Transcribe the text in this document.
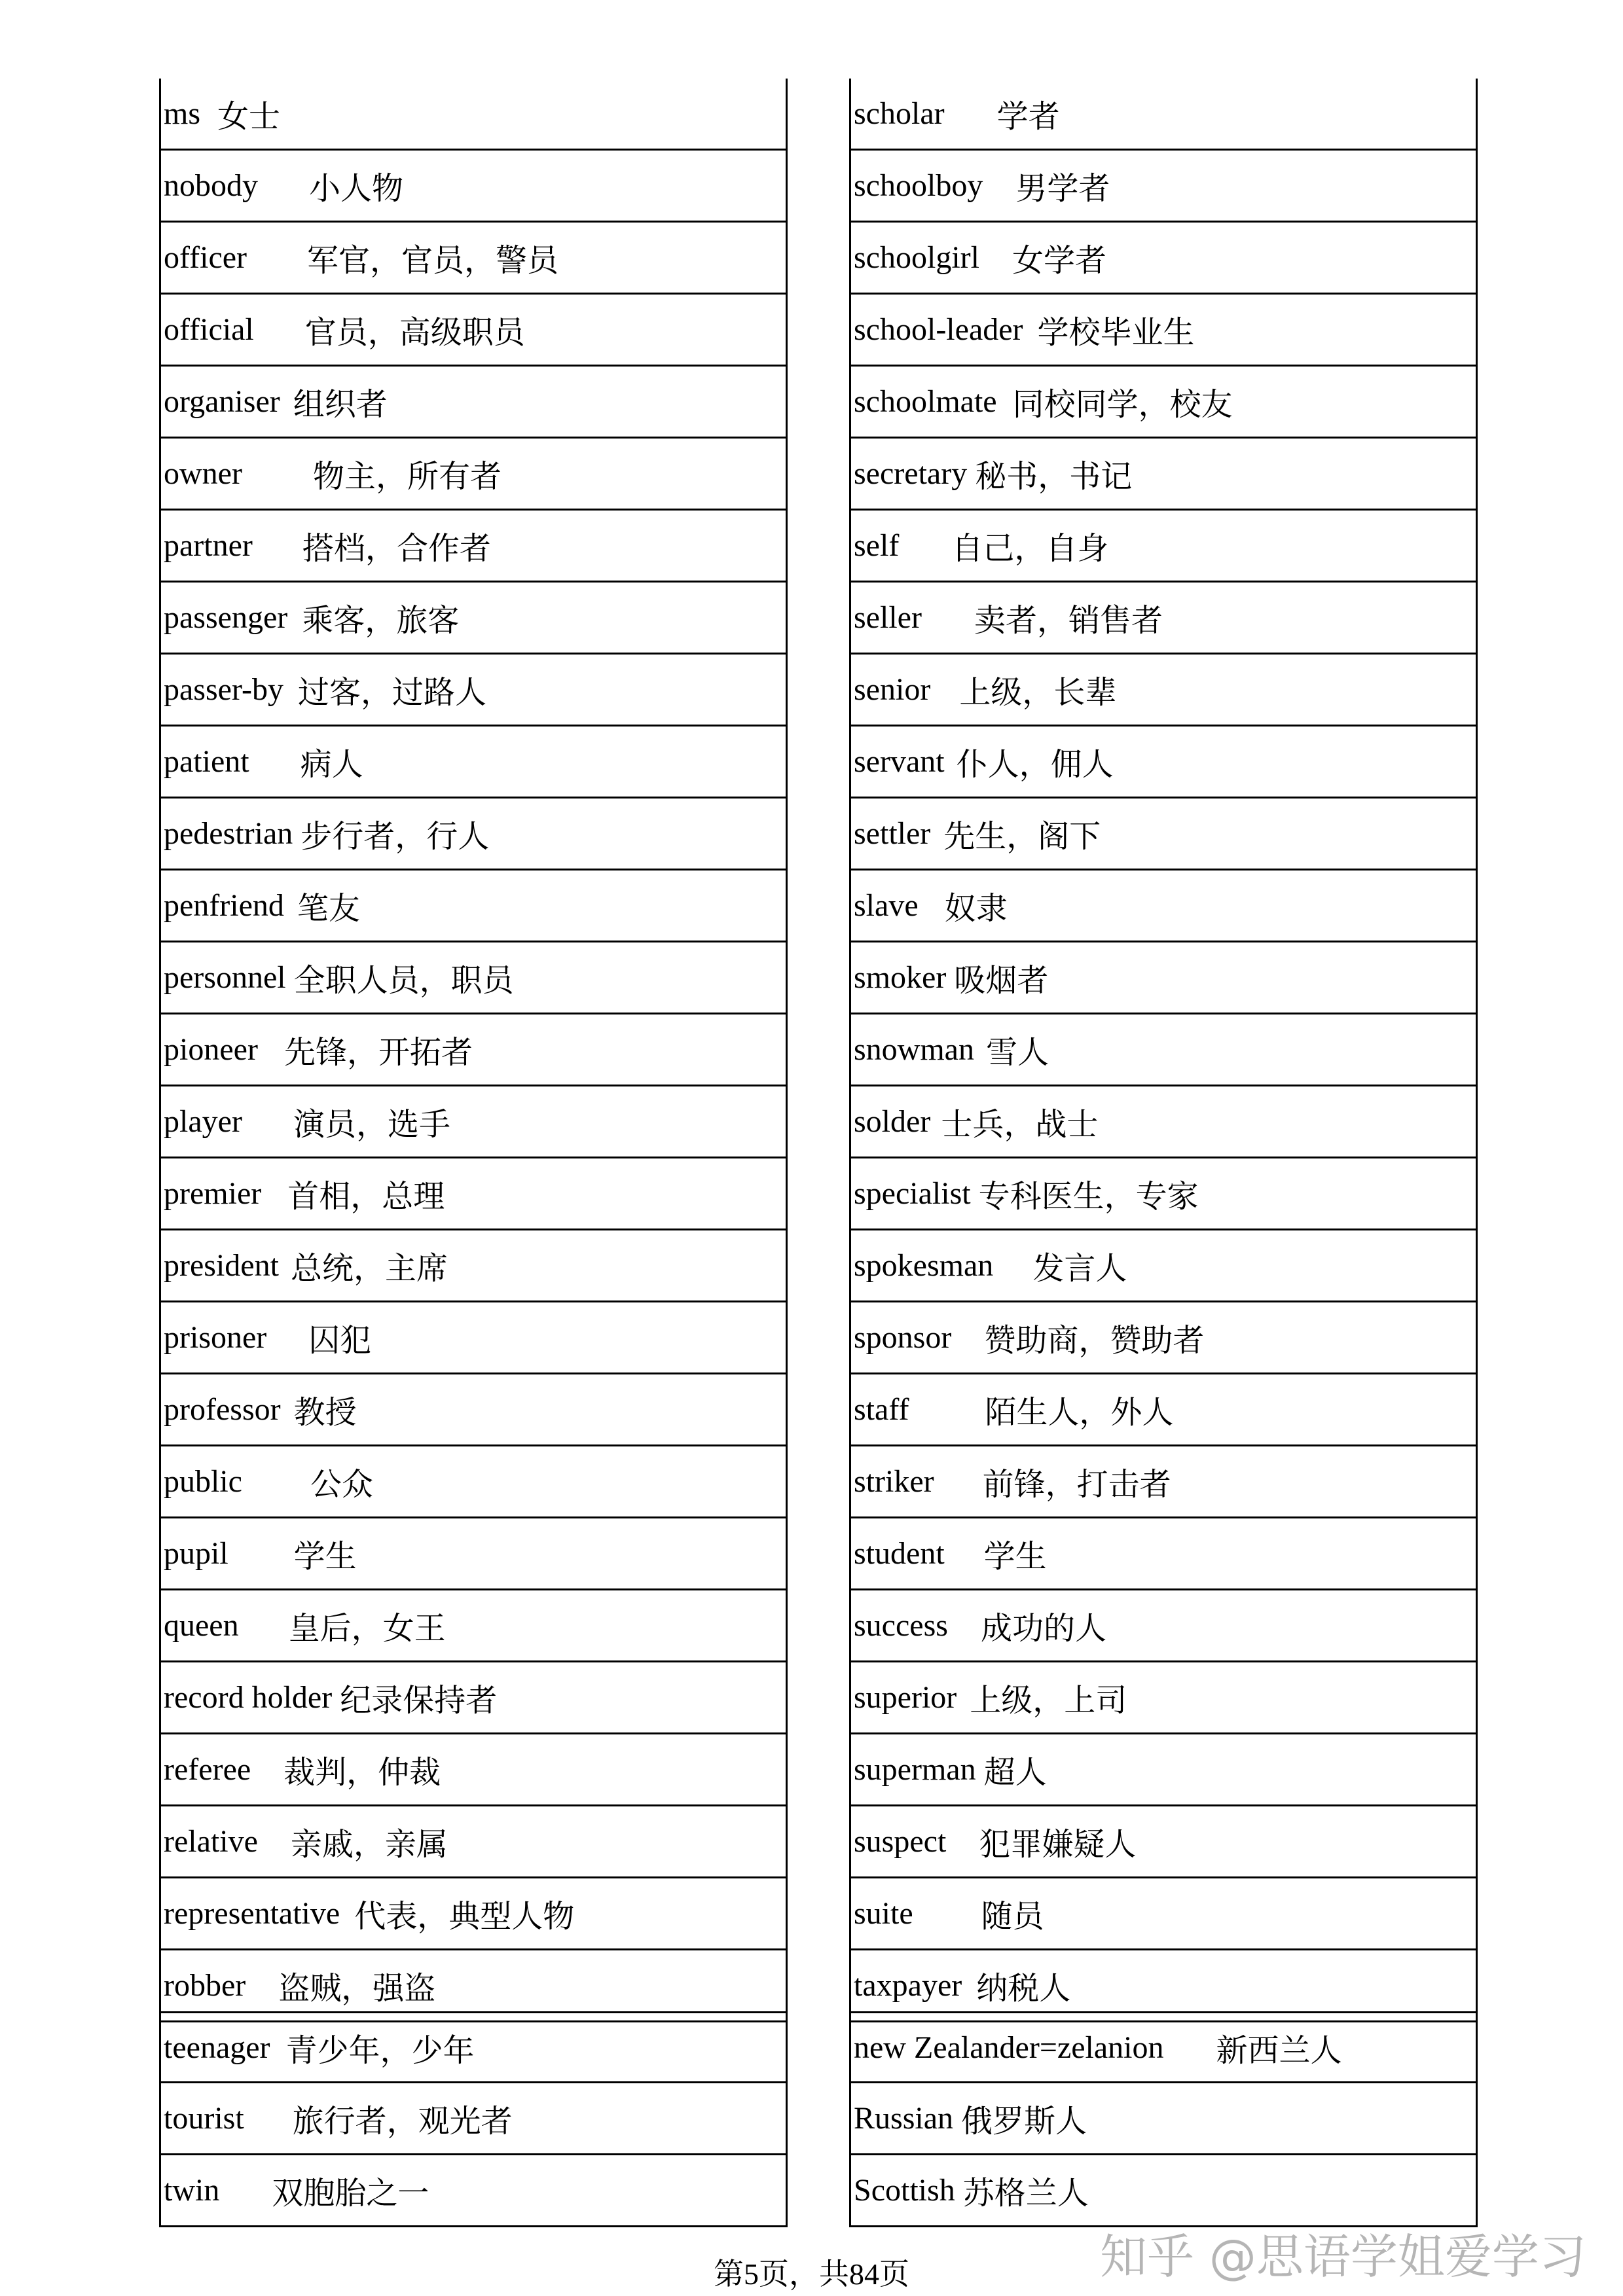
ms 女士
nobody 小人物
officer 军官，官员，警员
official 官员，高级职员
organiser 组织者
owner 物主，所有者
partner 搭档，合作者
passenger 乘客，旅客
passer-by 过客，过路人
patient 病人
pedestrian 步行者，行人
penfriend 笔友
personnel 全职人员，职员
pioneer 先锋，开拓者
player 演员，选手
premier 首相，总理
president 总统，主席
prisoner 囚犯
professor 教授
public 公众
pupil 学生
queen 皇后，女王
record holder 纪录保持者
referee 裁判，仲裁
relative 亲戚，亲属
representative 代表，典型人物
robber 盗贼，强盗
scholar 学者
schoolboy 男学者
schoolgirl 女学者
school-leader 学校毕业生
schoolmate 同校同学，校友
secretary 秘书，书记
self 自己，自身
seller 卖者，销售者
senior 上级，长辈
servant 仆人，佣人
settler 先生，阁下
slave 奴隶
smoker 吸烟者
snowman 雪人
solder 士兵，战士
specialist 专科医生，专家
spokesman 发言人
sponsor 赞助商，赞助者
staff 陌生人，外人
striker 前锋，打击者
student 学生
success 成功的人
superior 上级，上司
superman 超人
suspect 犯罪嫌疑人
suite 随员
taxpayer 纳税人
teenager 青少年，少年
tourist 旅行者，观光者
twin 双胞胎之一
new Zealander=zelanion 新西兰人
Russian 俄罗斯人
Scottish 苏格兰人
第5页，共84页	知乎 @思语学姐爱学习
